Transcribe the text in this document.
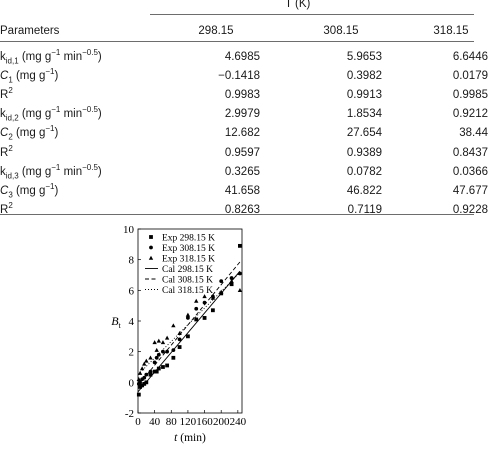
T (K)
Parameters	298.15	308.15	318.15
$k_{id,1}$ (mg $g^{-1}$ $\min^{-0.5}$)	4.6985	5.9653	6.6446
$C_1$ (mg $g^{-1}$)	−0.1418	0.3982	0.0179
$R^2$	0.9983	0.9913	0.9985
$k_{id,2}$ (mg $g^{-1}$ $\min^{-0.5}$)	2.9979	1.8534	0.9212
$C_2$ (mg $g^{-1}$)	12.682	27.654	38.44
$R^2$	0.9597	0.9389	0.8437
$k_{id,3}$ (mg $g^{-1}$ $\min^{-0.5}$)	0.3265	0.0782	0.0366
$C_3$ (mg $g^{-1}$)	41.658	46.822	47.677
$R^2$	0.8263	0.7119	0.9228
0 40 80 120 160 200 240
-2
0
2
4
6
8
10
t (min)
$B_t$
Exp 298.15 K
Exp 308.15 K
Exp 318.15 K
Cal 298.15 K
Cal 308.15 K
Cal 318.15 K
